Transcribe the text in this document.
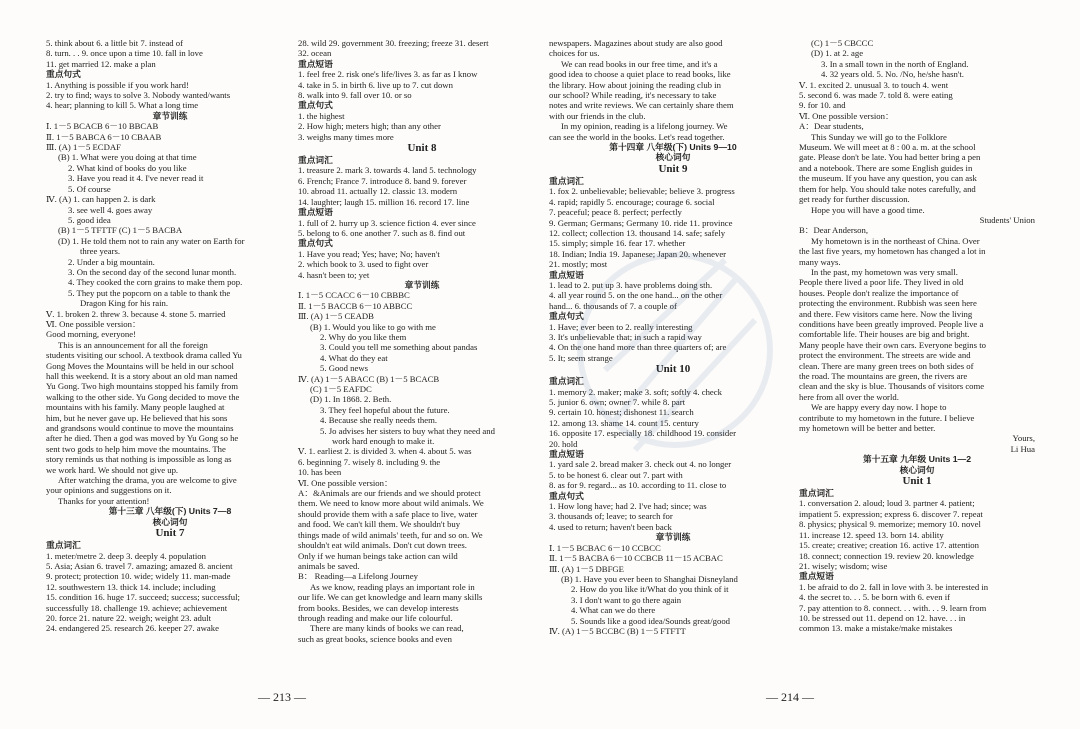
5. think about 6. a little bit 7. instead of

8. turn. . . 9. once upon a time 10. fall in love

11. get married 12. make a plan

重点句式

1. Anything is possible if you work hard!

2. try to find; ways to solve 3. Nobody wanted/wants

4. hear; planning to kill 5. What a long time

章节训练

Ⅰ. 1－5 BCACB 6－10 BBCAB

Ⅱ. 1－5 BABCA 6－10 CBAAB

Ⅲ. (A) 1－5 ECDAF

(B) 1. What were you doing at that time

2. What kind of books do you like

3. Have you read it 4. I've never read it

5. Of course

Ⅳ. (A) 1. can happen 2. is dark

3. see well 4. goes away

5. good idea

(B) 1－5 TFTTF (C) 1－5 BACBA

(D) 1. He told them not to rain any water on Earth for

three years.

2. Under a big mountain.

3. On the second day of the second lunar month.

4. They cooked the corn grains to make them pop.

5. They put the popcorn on a table to thank the

Dragon King for his rain.

Ⅴ. 1. broken 2. threw 3. because 4. stone 5. married

Ⅵ. One possible version：

Good morning, everyone!

This is an announcement for all the foreign

students visiting our school. A textbook drama called Yu

Gong Moves the Mountains will be held in our school

hall this weekend. It is a story about an old man named

Yu Gong. Two high mountains stopped his family from

walking to the other side. Yu Gong decided to move the

mountains with his family. Many people laughed at

him, but he never gave up. He believed that his sons

and grandsons would continue to move the mountains

after he died. Then a god was moved by Yu Gong so he

sent two gods to help him move the mountains. The

story reminds us that nothing is impossible as long as

we work hard. We should not give up.

After watching the drama, you are welcome to give

your opinions and suggestions on it.

Thanks for your attention!

第十三章 八年级(下) Units 7—8

核心词句

Unit 7

重点词汇

1. meter/metre 2. deep 3. deeply 4. population

5. Asia; Asian 6. travel 7. amazing; amazed 8. ancient

9. protect; protection 10. wide; widely 11. man-made

12. southwestern 13. thick 14. include; including

15. condition 16. huge 17. succeed; success; successful;

successfully 18. challenge 19. achieve; achievement

20. force 21. nature 22. weigh; weight 23. adult

24. endangered 25. research 26. keeper 27. awake

28. wild 29. government 30. freezing; freeze 31. desert

32. ocean

重点短语

1. feel free 2. risk one's life/lives 3. as far as I know

4. take in 5. in birth 6. live up to 7. cut down

8. walk into 9. fall over 10. or so

重点句式

1. the highest

2. How high; meters high; than any other

3. weighs many times more

Unit 8

重点词汇

1. treasure 2. mark 3. towards 4. land 5. technology

6. French; France 7. introduce 8. band 9. forever

10. abroad 11. actually 12. classic 13. modern

14. laughter; laugh 15. million 16. record 17. line

重点短语

1. full of 2. hurry up 3. science fiction 4. ever since

5. belong to 6. one another 7. such as 8. find out

重点句式

1. Have you read; Yes; have; No; haven't

2. which book to 3. used to fight over

4. hasn't been to; yet

章节训练

Ⅰ. 1－5 CCACC 6－10 CBBBC

Ⅱ. 1－5 BACCB 6－10 ABBCC

Ⅲ. (A) 1－5 CEADB

(B) 1. Would you like to go with me

2. Why do you like them

3. Could you tell me something about pandas

4. What do they eat

5. Good news

Ⅳ. (A) 1－5 ABACC (B) 1－5 BCACB

(C) 1－5 EAFDC

(D) 1. In 1868. 2. Beth.

3. They feel hopeful about the future.

4. Because she really needs them.

5. Jo advises her sisters to buy what they need and

work hard enough to make it.

Ⅴ. 1. earliest 2. is divided 3. when 4. about 5. was

6. beginning 7. wisely 8. including 9. the

10. has been

Ⅵ. One possible version：

A：&Animals are our friends and we should protect

them. We need to know more about wild animals. We

should provide them with a safe place to live, water

and food. We can't kill them. We shouldn't buy

things made of wild animals' teeth, fur and so on. We

shouldn't eat wild animals. Don't cut down trees.

Only if we human beings take action can wild

animals be saved.

B： Reading—a Lifelong Journey

As we know, reading plays an important role in

our life. We can get knowledge and learn many skills

from books. Besides, we can develop interests

through reading and make our life colourful.

There are many kinds of books we can read,

such as great books, science books and even

newspapers. Magazines about study are also good

choices for us.

We can read books in our free time, and it's a

good idea to choose a quiet place to read books, like

the library. How about joining the reading club in

our school? While reading, it's necessary to take

notes and write reviews. We can certainly share them

with our friends in the club.

In my opinion, reading is a lifelong journey. We

can see the world in the books. Let's read together.

第十四章 八年级(下) Units 9—10

核心词句

Unit 9

重点词汇

1. fox 2. unbelievable; believable; believe 3. progress

4. rapid; rapidly 5. encourage; courage 6. social

7. peaceful; peace 8. perfect; perfectly

9. German; Germans; Germany 10. ride 11. province

12. collect; collection 13. thousand 14. safe; safely

15. simply; simple 16. fear 17. whether

18. Indian; India 19. Japanese; Japan 20. whenever

21. mostly; most

重点短语

1. lead to 2. put up 3. have problems doing sth.

4. all year round 5. on the one hand... on the other

hand... 6. thousands of 7. a couple of

重点句式

1. Have; ever been to 2. really interesting

3. It's unbelievable that; in such a rapid way

4. On the one hand more than three quarters of; are

5. It; seem strange

Unit 10

重点词汇

1. memory 2. maker; make 3. soft; softly 4. check

5. junior 6. own; owner 7. while 8. part

9. certain 10. honest; dishonest 11. search

12. among 13. shame 14. count 15. century

16. opposite 17. especially 18. childhood 19. consider

20. hold

重点短语

1. yard sale 2. bread maker 3. check out 4. no longer

5. to be honest 6. clear out 7. part with

8. as for 9. regard... as 10. according to 11. close to

重点句式

1. How long have; had 2. I've had; since; was

3. thousands of; leave; to search for

4. used to return; haven't been back

章节训练

Ⅰ. 1－5 BCBAC 6－10 CCBCC

Ⅱ. 1－5 BACBA 6－10 CCBCB 11－15 ACBAC

Ⅲ. (A) 1－5 DBFGE

(B) 1. Have you ever been to Shanghai Disneyland

2. How do you like it/What do you think of it

3. I don't want to go there again

4. What can we do there

5. Sounds like a good idea/Sounds great/good

Ⅳ. (A) 1－5 BCCBC (B) 1－5 FTFTT

(C) 1－5 CBCCC

(D) 1. at 2. age

3. In a small town in the north of England.

4. 32 years old. 5. No. /No, he/she hasn't.

Ⅴ. 1. excited 2. unusual 3. to touch 4. went

5. second 6. was made 7. told 8. were eating

9. for 10. and

Ⅵ. One possible version：

A：Dear students,

This Sunday we will go to the Folklore

Museum. We will meet at 8 : 00 a. m. at the school

gate. Please don't be late. You had better bring a pen

and a notebook. There are some English guides in

the museum. If you have any question, you can ask

them for help. You should take notes carefully, and

get ready for further discussion.

Hope you will have a good time.

Students' Union

B：Dear Anderson,

My hometown is in the northeast of China. Over

the last five years, my hometown has changed a lot in

many ways.

In the past, my hometown was very small.

People there lived a poor life. They lived in old

houses. People don't realize the importance of

protecting the environment. Rubbish was seen here

and there. Few visitors came here. Now the living

conditions have been greatly improved. People live a

comfortable life. Their houses are big and bright.

Many people have their own cars. Everyone begins to

protect the environment. The streets are wide and

clean. There are many green trees on both sides of

the road. The mountains are green, the rivers are

clean and the sky is blue. Thousands of visitors come

here from all over the world.

We are happy every day now. I hope to

contribute to my hometown in the future. I believe

my hometown will be better and better.

Yours,

Li Hua

第十五章 九年级 Units 1—2

核心词句

Unit 1

重点词汇

1. conversation 2. aloud; loud 3. partner 4. patient;

impatient 5. expression; express 6. discover 7. repeat

8. physics; physical 9. memorize; memory 10. novel

11. increase 12. speed 13. born 14. ability

15. create; creative; creation 16. active 17. attention

18. connect; connection 19. review 20. knowledge

21. wisely; wisdom; wise

重点短语

1. be afraid to do 2. fall in love with 3. be interested in

4. the secret to. . . 5. be born with 6. even if

7. pay attention to 8. connect. . . with. . . 9. learn from

10. be stressed out 11. depend on 12. have. . . in

common 13. make a mistake/make mistakes

— 213 —	— 214 —
